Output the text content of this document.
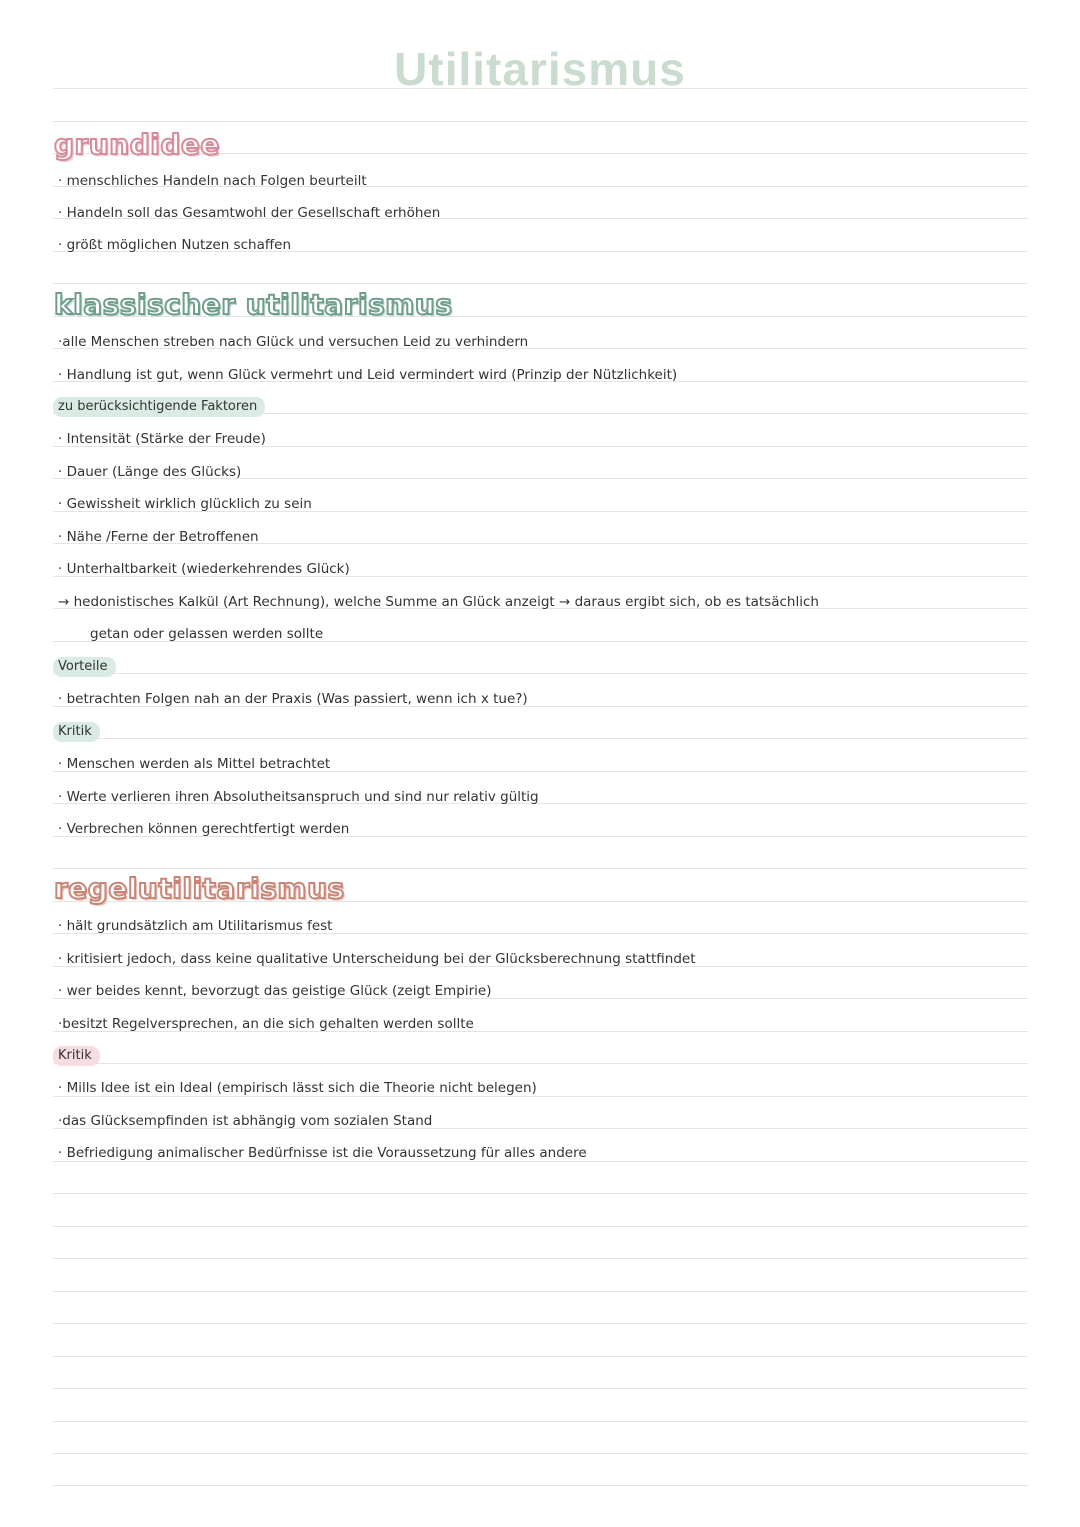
Utilitarismus
grundidee
· menschliches Handeln nach Folgen beurteilt
· Handeln soll das Gesamtwohl der Gesellschaft erhöhen
· größt möglichen Nutzen schaffen
klassischer utilitarismus
·alle Menschen streben nach Glück und versuchen Leid zu verhindern
· Handlung ist gut, wenn Glück vermehrt und Leid vermindert wird (Prinzip der Nützlichkeit)
zu berücksichtigende Faktoren
· Intensität (Stärke der Freude)
· Dauer (Länge des Glücks)
· Gewissheit wirklich glücklich zu sein
· Nähe /Ferne der Betroffenen
· Unterhaltbarkeit (wiederkehrendes Glück)
→ hedonistisches Kalkül (Art Rechnung), welche Summe an Glück anzeigt → daraus ergibt sich, ob es tatsächlich
getan oder gelassen werden sollte
Vorteile
· betrachten Folgen nah an der Praxis (Was passiert, wenn ich x tue?)
Kritik
· Menschen werden als Mittel betrachtet
· Werte verlieren ihren Absolutheitsanspruch und sind nur relativ gültig
· Verbrechen können gerechtfertigt werden
regelutilitarismus
· hält grundsätzlich am Utilitarismus fest
· kritisiert jedoch, dass keine qualitative Unterscheidung bei der Glücksberechnung stattfindet
· wer beides kennt, bevorzugt das geistige Glück (zeigt Empirie)
·besitzt Regelversprechen, an die sich gehalten werden sollte
Kritik
· Mills Idee ist ein Ideal (empirisch lässt sich die Theorie nicht belegen)
·das Glücksempfinden ist abhängig vom sozialen Stand
· Befriedigung animalischer Bedürfnisse ist die Voraussetzung für alles andere
